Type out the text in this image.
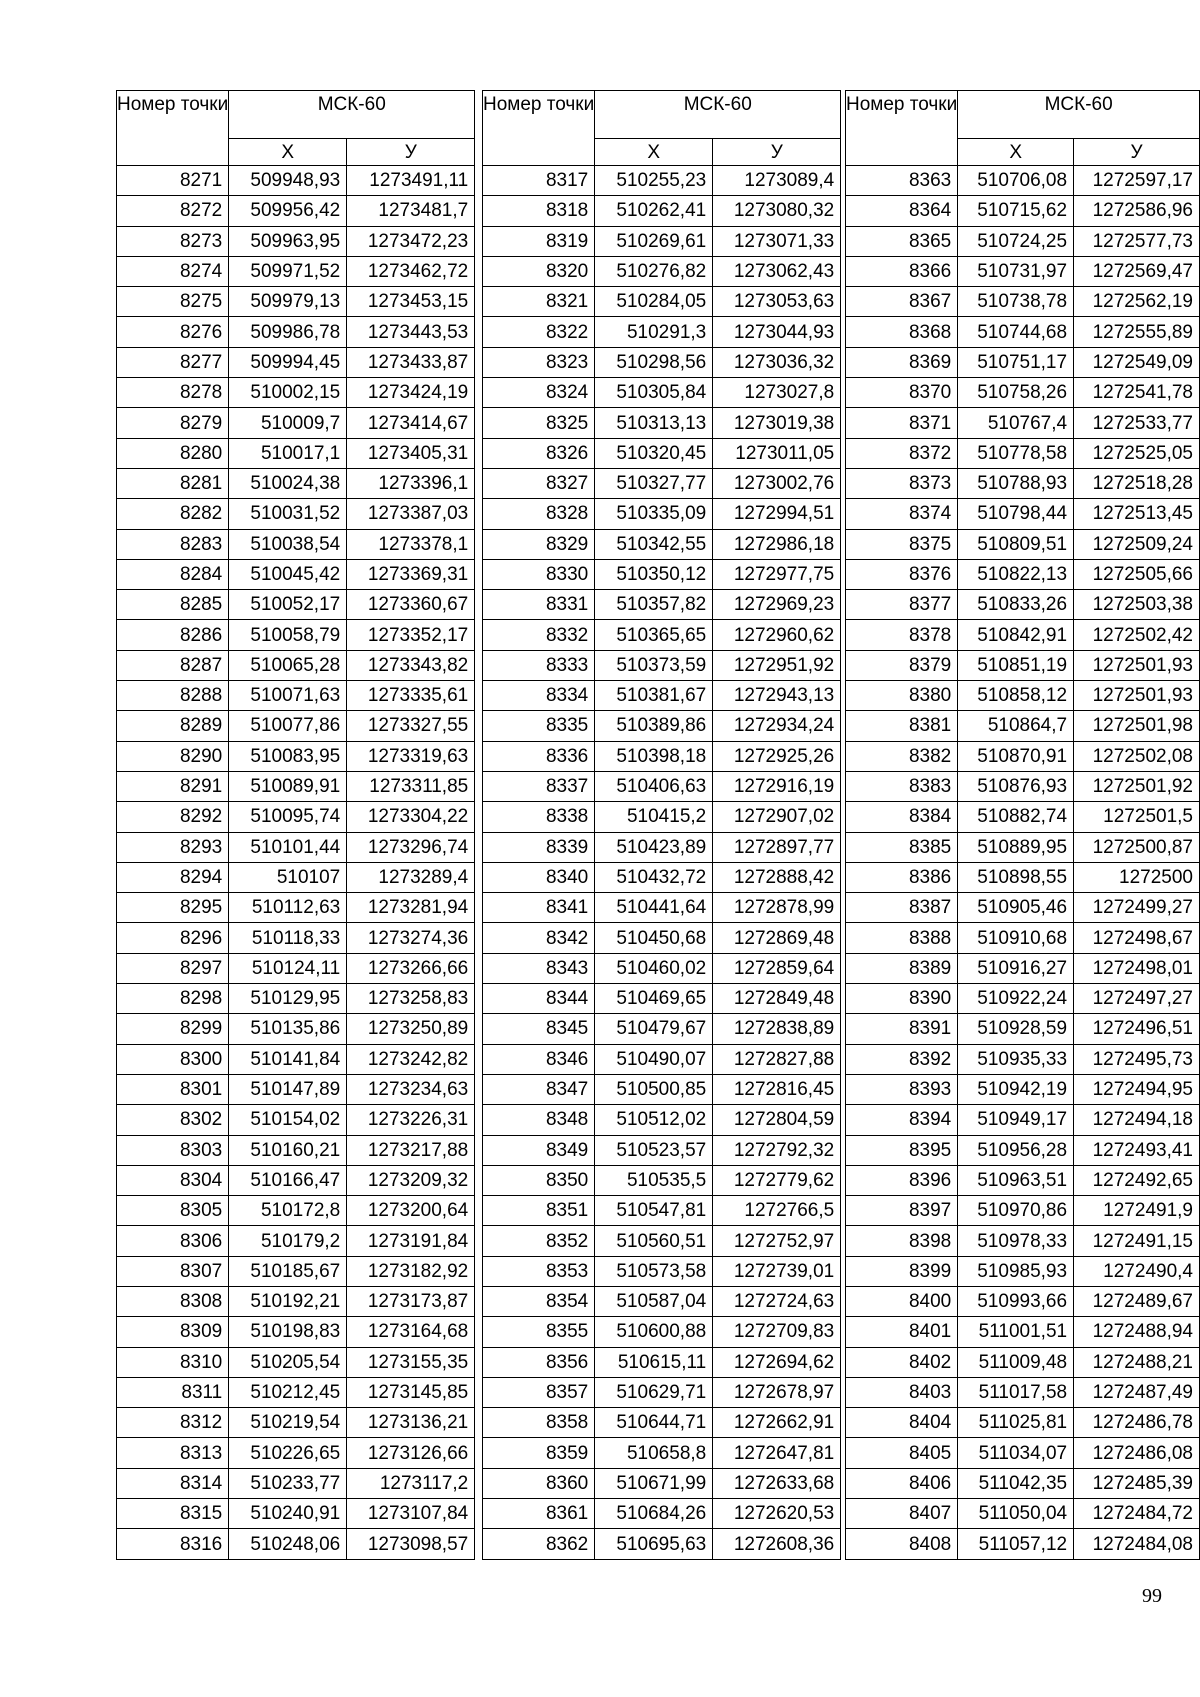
Номер точки	МСК-60	
	X	У
8271	509948,93	1273491,11
8272	509956,42	1273481,7
8273	509963,95	1273472,23
8274	509971,52	1273462,72
8275	509979,13	1273453,15
8276	509986,78	1273443,53
8277	509994,45	1273433,87
8278	510002,15	1273424,19
8279	510009,7	1273414,67
8280	510017,1	1273405,31
8281	510024,38	1273396,1
8282	510031,52	1273387,03
8283	510038,54	1273378,1
8284	510045,42	1273369,31
8285	510052,17	1273360,67
8286	510058,79	1273352,17
8287	510065,28	1273343,82
8288	510071,63	1273335,61
8289	510077,86	1273327,55
8290	510083,95	1273319,63
8291	510089,91	1273311,85
8292	510095,74	1273304,22
8293	510101,44	1273296,74
8294	510107	1273289,4
8295	510112,63	1273281,94
8296	510118,33	1273274,36
8297	510124,11	1273266,66
8298	510129,95	1273258,83
8299	510135,86	1273250,89
8300	510141,84	1273242,82
8301	510147,89	1273234,63
8302	510154,02	1273226,31
8303	510160,21	1273217,88
8304	510166,47	1273209,32
8305	510172,8	1273200,64
8306	510179,2	1273191,84
8307	510185,67	1273182,92
8308	510192,21	1273173,87
8309	510198,83	1273164,68
8310	510205,54	1273155,35
8311	510212,45	1273145,85
8312	510219,54	1273136,21
8313	510226,65	1273126,66
8314	510233,77	1273117,2
8315	510240,91	1273107,84
8316	510248,06	1273098,57
Номер точки	МСК-60	
	X	У
8317	510255,23	1273089,4
8318	510262,41	1273080,32
8319	510269,61	1273071,33
8320	510276,82	1273062,43
8321	510284,05	1273053,63
8322	510291,3	1273044,93
8323	510298,56	1273036,32
8324	510305,84	1273027,8
8325	510313,13	1273019,38
8326	510320,45	1273011,05
8327	510327,77	1273002,76
8328	510335,09	1272994,51
8329	510342,55	1272986,18
8330	510350,12	1272977,75
8331	510357,82	1272969,23
8332	510365,65	1272960,62
8333	510373,59	1272951,92
8334	510381,67	1272943,13
8335	510389,86	1272934,24
8336	510398,18	1272925,26
8337	510406,63	1272916,19
8338	510415,2	1272907,02
8339	510423,89	1272897,77
8340	510432,72	1272888,42
8341	510441,64	1272878,99
8342	510450,68	1272869,48
8343	510460,02	1272859,64
8344	510469,65	1272849,48
8345	510479,67	1272838,89
8346	510490,07	1272827,88
8347	510500,85	1272816,45
8348	510512,02	1272804,59
8349	510523,57	1272792,32
8350	510535,5	1272779,62
8351	510547,81	1272766,5
8352	510560,51	1272752,97
8353	510573,58	1272739,01
8354	510587,04	1272724,63
8355	510600,88	1272709,83
8356	510615,11	1272694,62
8357	510629,71	1272678,97
8358	510644,71	1272662,91
8359	510658,8	1272647,81
8360	510671,99	1272633,68
8361	510684,26	1272620,53
8362	510695,63	1272608,36
Номер точки	МСК-60	
	X	У
8363	510706,08	1272597,17
8364	510715,62	1272586,96
8365	510724,25	1272577,73
8366	510731,97	1272569,47
8367	510738,78	1272562,19
8368	510744,68	1272555,89
8369	510751,17	1272549,09
8370	510758,26	1272541,78
8371	510767,4	1272533,77
8372	510778,58	1272525,05
8373	510788,93	1272518,28
8374	510798,44	1272513,45
8375	510809,51	1272509,24
8376	510822,13	1272505,66
8377	510833,26	1272503,38
8378	510842,91	1272502,42
8379	510851,19	1272501,93
8380	510858,12	1272501,93
8381	510864,7	1272501,98
8382	510870,91	1272502,08
8383	510876,93	1272501,92
8384	510882,74	1272501,5
8385	510889,95	1272500,87
8386	510898,55	1272500
8387	510905,46	1272499,27
8388	510910,68	1272498,67
8389	510916,27	1272498,01
8390	510922,24	1272497,27
8391	510928,59	1272496,51
8392	510935,33	1272495,73
8393	510942,19	1272494,95
8394	510949,17	1272494,18
8395	510956,28	1272493,41
8396	510963,51	1272492,65
8397	510970,86	1272491,9
8398	510978,33	1272491,15
8399	510985,93	1272490,4
8400	510993,66	1272489,67
8401	511001,51	1272488,94
8402	511009,48	1272488,21
8403	511017,58	1272487,49
8404	511025,81	1272486,78
8405	511034,07	1272486,08
8406	511042,35	1272485,39
8407	511050,04	1272484,72
8408	511057,12	1272484,08
99
